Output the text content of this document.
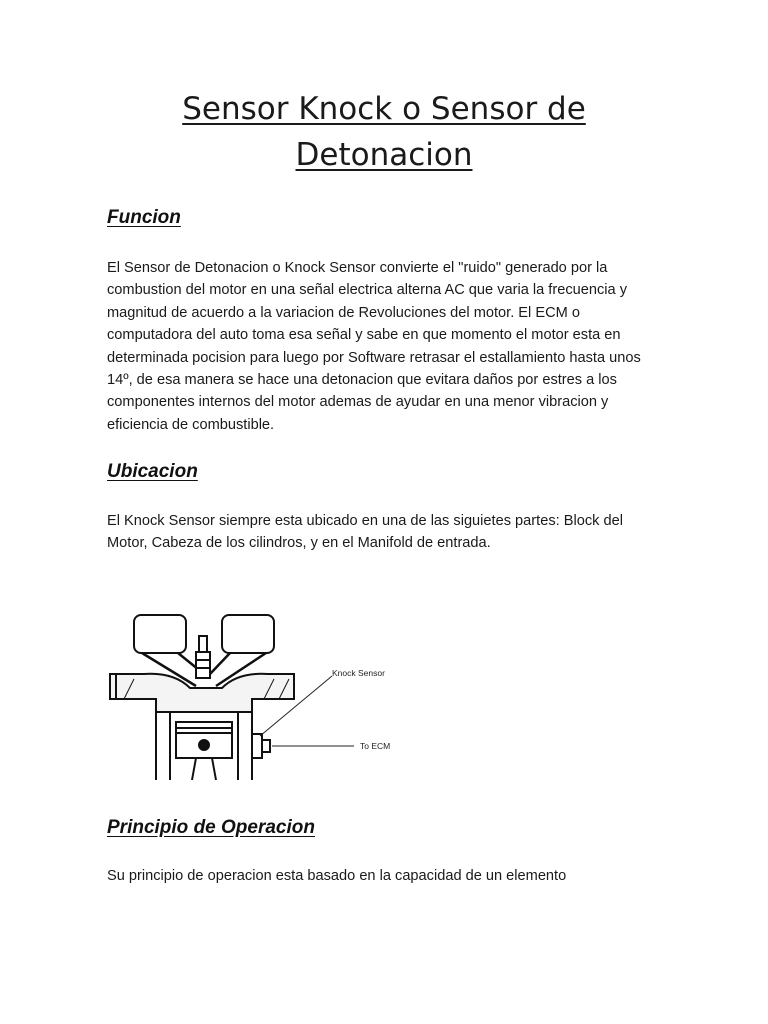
Sensor Knock o Sensor de
Detonacion
Funcion
El Sensor de Detonacion o Knock Sensor convierte el "ruido" generado por la
combustion del motor en una señal electrica alterna AC que varia la frecuencia y
magnitud de acuerdo a la variacion de Revoluciones del motor. El ECM o
computadora del auto toma esa señal y sabe en que momento el motor esta en
determinada pocision para luego por Software retrasar el estallamiento hasta unos
14º, de esa manera se hace una detonacion que evitara daños por estres a los
componentes internos del motor ademas de ayudar en una menor vibracion y
eficiencia de combustible.
Ubicacion
El Knock Sensor siempre esta ubicado en una de las siguietes partes: Block del
Motor, Cabeza de los cilindros, y en el Manifold de entrada.
Knock Sensor
To ECM
Principio de Operacion
Su principio de operacion esta basado en la capacidad de un elemento
